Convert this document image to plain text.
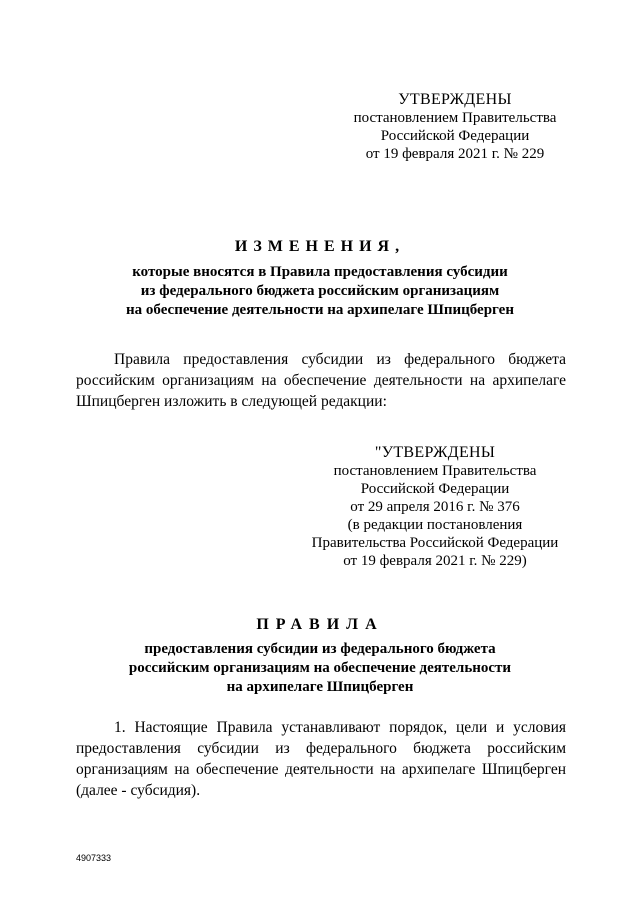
УТВЕРЖДЕНЫ
постановлением Правительства
Российской Федерации
от 19 февраля 2021 г. № 229
ИЗМЕНЕНИЯ,
которые вносятся в Правила предоставления субсидии
из федерального бюджета российским организациям
на обеспечение деятельности на архипелаге Шпицберген
Правила предоставления субсидии из федерального бюджета
российским организациям на обеспечение деятельности на архипелаге
Шпицберген изложить в следующей редакции:
"УТВЕРЖДЕНЫ
постановлением Правительства
Российской Федерации
от 29 апреля 2016 г. № 376
(в редакции постановления
Правительства Российской Федерации
от 19 февраля 2021 г. № 229)
ПРАВИЛА
предоставления субсидии из федерального бюджета
российским организациям на обеспечение деятельности
на архипелаге Шпицберген
1. Настоящие Правила устанавливают порядок, цели и условия
предоставления субсидии из федерального бюджета российским
организациям на обеспечение деятельности на архипелаге Шпицберген
(далее - субсидия).
4907333
